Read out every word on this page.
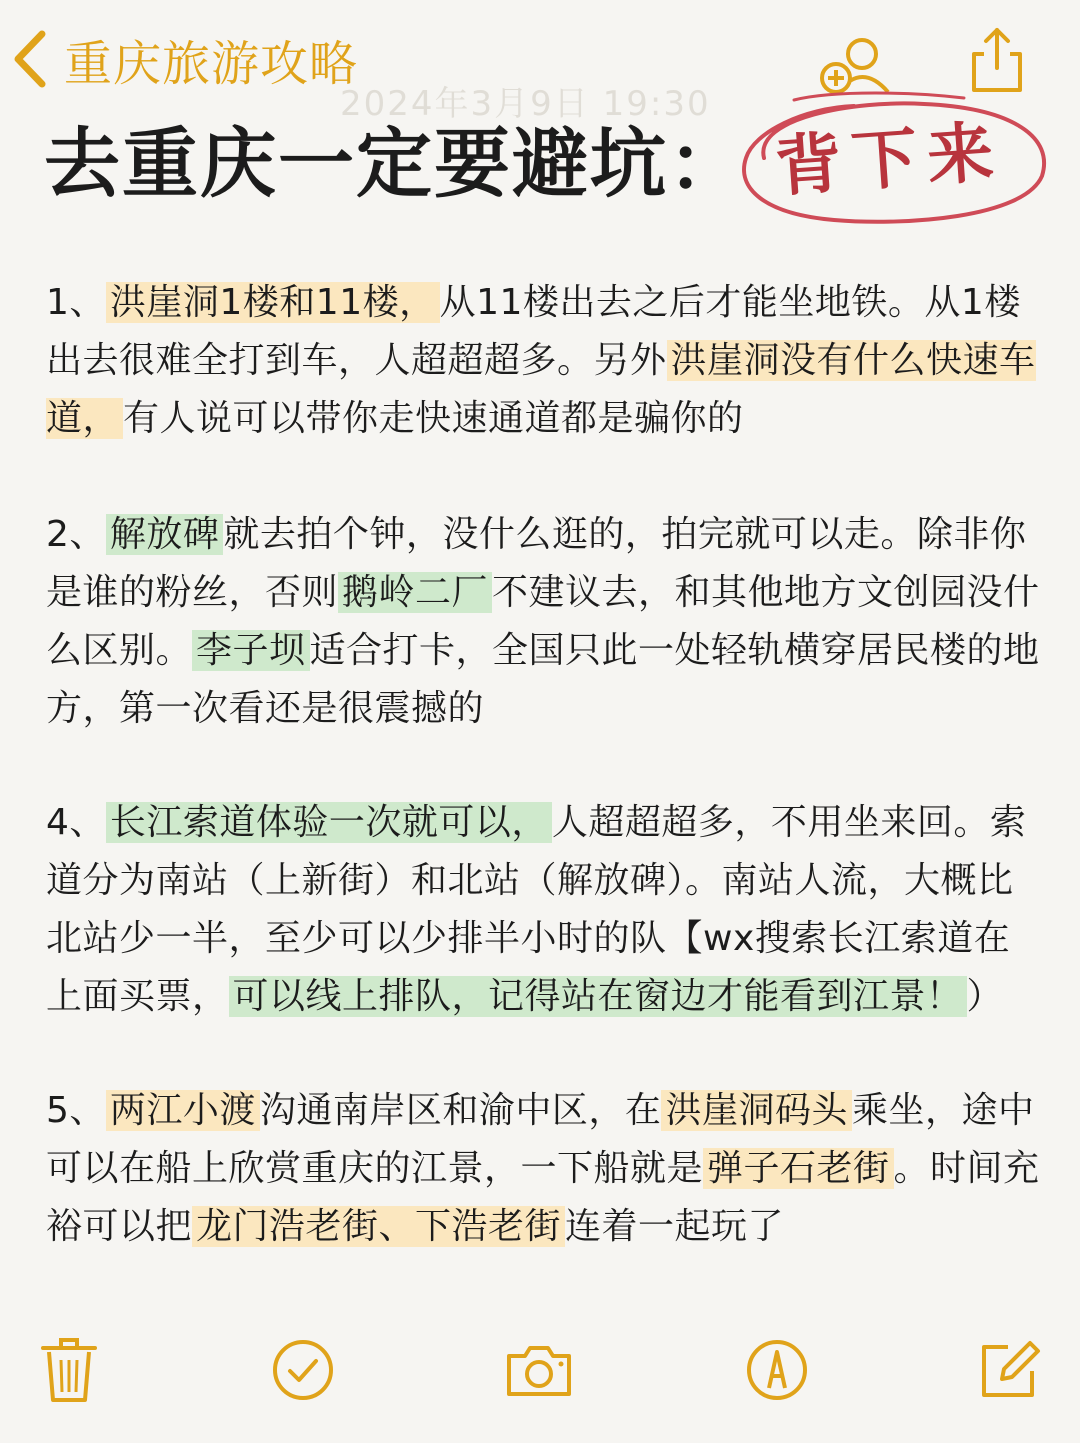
重庆旅游攻略
2024年3月9日 19:30
去重庆一定要避坑： 背下来

1、 洪崖洞1楼和11楼， 从11楼出去之后才能坐地铁。从1楼出去很难全打到车，人超超超多。另外 洪崖洞没有什么快速车道， 有人说可以带你走快速通道都是骗你的

2、 解放碑 就去拍个钟，没什么逛的，拍完就可以走。除非你是谁的粉丝，否则 鹅岭二厂 不建议去，和其他地方文创园没什么区别。 李子坝 适合打卡，全国只此一处轻轨横穿居民楼的地方，第一次看还是很震撼的

4、 长江索道体验一次就可以， 人超超超多，不用坐来回。索道分为南站（上新街）和北站（解放碑）。南站人流，大概比北站少一半，至少可以少排半小时的队【wx搜索长江索道在上面买票， 可以线上排队，记得站在窗边才能看到江景！ ）

5、 两江小渡 沟通南岸区和渝中区，在 洪崖洞码头 乘坐，途中可以在船上欣赏重庆的江景，一下船就是 弹子石老街 。时间充裕可以把 龙门浩老街、下浩老街 连着一起玩了
